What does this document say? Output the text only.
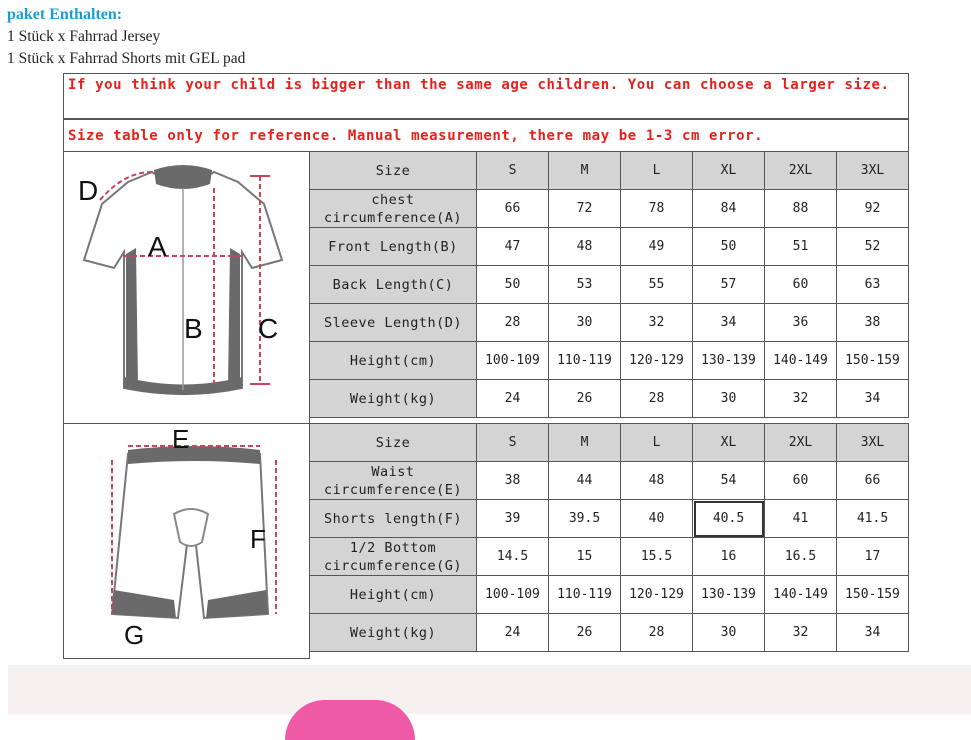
paket Enthalten:
1 Stück x Fahrrad Jersey
1 Stück x Fahrrad Shorts mit GEL pad
If you think your child is bigger than the same age children. You can choose a larger size.
Size table only for reference. Manual measurement, there may be 1-3 cm error.
D
A
B C
E
F
G
Size	S	M	L	XL	2XL	3XL
chest circumference(A)	66	72	78	84	88	92
Front Length(B)	47	48	49	50	51	52
Back Length(C)	50	53	55	57	60	63
Sleeve Length(D)	28	30	32	34	36	38
Height(cm)	100-109	110-119	120-129	130-139	140-149	150-159
Weight(kg)	24	26	28	30	32	34
Size	S	M	L	XL	2XL	3XL
Waist circumference(E)	38	44	48	54	60	66
Shorts length(F)	39	39.5	40	40.5	41	41.5
1/2 Bottom circumference(G)	14.5	15	15.5	16	16.5	17
Height(cm)	100-109	110-119	120-129	130-139	140-149	150-159
Weight(kg)	24	26	28	30	32	34
